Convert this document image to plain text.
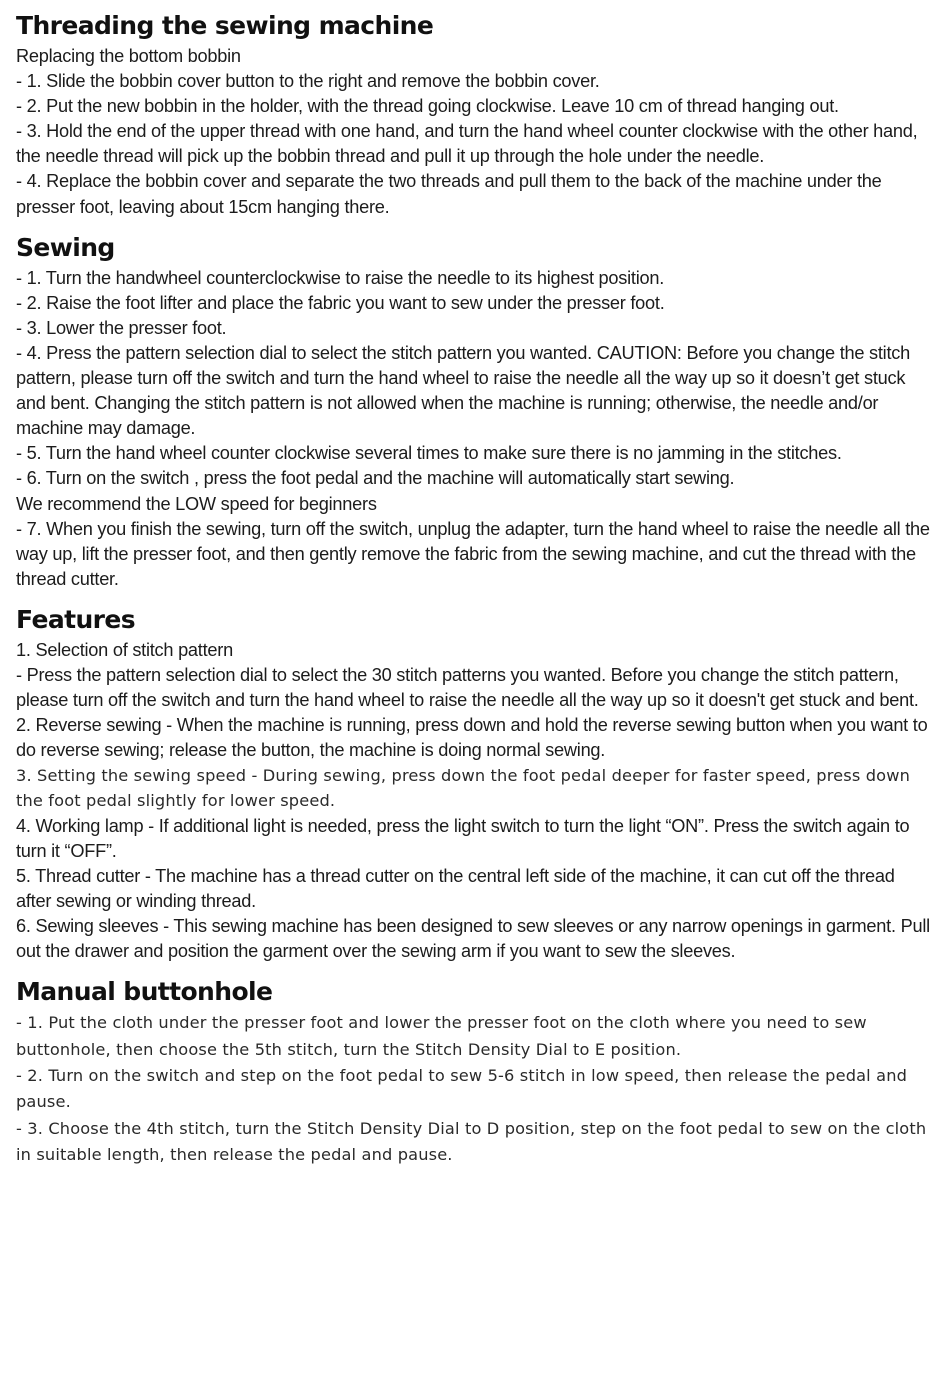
Threading the sewing machine

Replacing the bottom bobbin

- 1. Slide the bobbin cover button to the right and remove the bobbin cover.

- 2. Put the new bobbin in the holder, with the thread going clockwise. Leave 10 cm of thread hanging out.

- 3. Hold the end of the upper thread with one hand, and turn the hand wheel counter clockwise with the other hand, the needle thread will pick up the bobbin thread and pull it up through the hole under the needle.

- 4. Replace the bobbin cover and separate the two threads and pull them to the back of the machine under the presser foot, leaving about 15cm hanging there.

Sewing

- 1. Turn the handwheel counterclockwise to raise the needle to its highest position.

- 2. Raise the foot lifter and place the fabric you want to sew under the presser foot.

- 3. Lower the presser foot.

- 4. Press the pattern selection dial to select the stitch pattern you wanted. CAUTION: Before you change the stitch pattern, please turn off the switch and turn the hand wheel to raise the needle all the way up so it doesn’t get stuck and bent. Changing the stitch pattern is not allowed when the machine is running; otherwise, the needle and/or machine may damage.

- 5. Turn the hand wheel counter clockwise several times to make sure there is no jamming in the stitches.

- 6. Turn on the switch , press the foot pedal and the machine will automatically start sewing.

We recommend the LOW speed for beginners

- 7. When you finish the sewing, turn off the switch, unplug the adapter, turn the hand wheel to raise the needle all the way up, lift the presser foot, and then gently remove the fabric from the sewing machine, and cut the thread with the thread cutter.

Features

1. Selection of stitch pattern

- Press the pattern selection dial to select the 30 stitch patterns you wanted. Before you change the stitch pattern, please turn off the switch and turn the hand wheel to raise the needle all the way up so it doesn't get stuck and bent.

2. Reverse sewing - When the machine is running, press down and hold the reverse sewing button when you want to do reverse sewing; release the button, the machine is doing normal sewing.

3. Setting the sewing speed - During sewing, press down the foot pedal deeper for faster speed, press down the foot pedal slightly for lower speed.

4. Working lamp - If additional light is needed, press the light switch to turn the light “ON”. Press the switch again to turn it “OFF”.

5. Thread cutter - The machine has a thread cutter on the central left side of the machine, it can cut off the thread after sewing or winding thread.

6. Sewing sleeves - This sewing machine has been designed to sew sleeves or any narrow openings in garment. Pull out the drawer and position the garment over the sewing arm if you want to sew the sleeves.

Manual buttonhole

- 1. Put the cloth under the presser foot and lower the presser foot on the cloth where you need to sew buttonhole, then choose the 5th stitch, turn the Stitch Density Dial to E position.

- 2. Turn on the switch and step on the foot pedal to sew 5-6 stitch in low speed, then release the pedal and pause.

- 3. Choose the 4th stitch, turn the Stitch Density Dial to D position, step on the foot pedal to sew on the cloth in suitable length, then release the pedal and pause.
